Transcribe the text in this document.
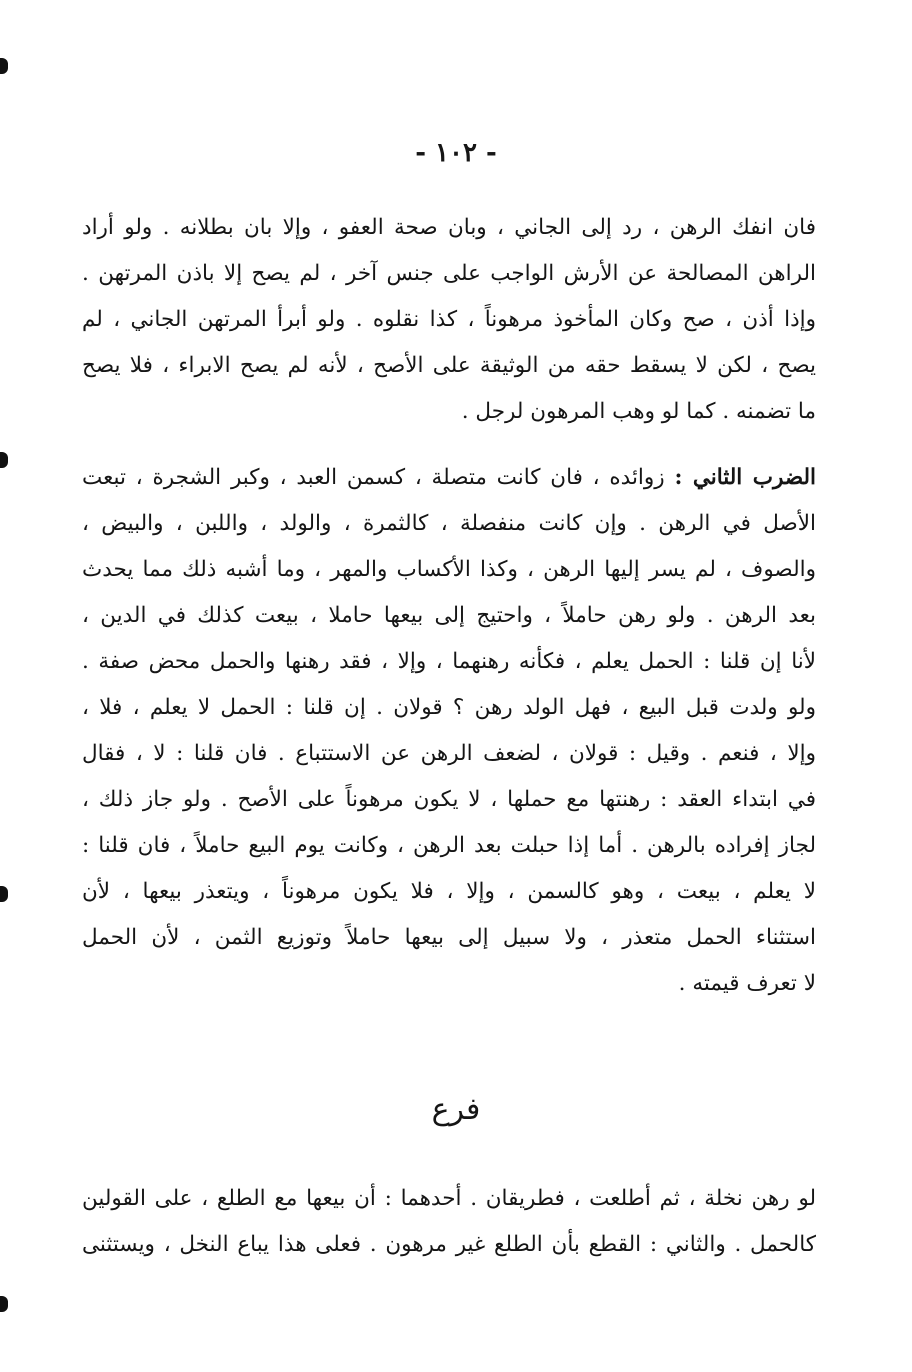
- ١٠٢ -
فان انفك الرهن ، رد إلى الجاني ، وبان صحة العفو ، وإلا بان بطلانه . ولو أراد
الراهن المصالحة عن الأرش الواجب على جنس آخر ، لم يصح إلا باذن المرتهن .
وإذا أذن ، صح وكان المأخوذ مرهوناً ، كذا نقلوه . ولو أبرأ المرتهن الجاني ، لم
يصح ، لكن لا يسقط حقه من الوثيقة على الأصح ، لأنه لم يصح الابراء ، فلا يصح
ما تضمنه . كما لو وهب المرهون لرجل .
الضرب الثاني : زوائده ، فان كانت متصلة ، كسمن العبد ، وكبر الشجرة ، تبعت
الأصل في الرهن . وإن كانت منفصلة ، كالثمرة ، والولد ، واللبن ، والبيض ،
والصوف ، لم يسر إليها الرهن ، وكذا الأكساب والمهر ، وما أشبه ذلك مما يحدث
بعد الرهن . ولو رهن حاملاً ، واحتيج إلى بيعها حاملا ، بيعت كذلك في الدين ،
لأنا إن قلنا : الحمل يعلم ، فكأنه رهنهما ، وإلا ، فقد رهنها والحمل محض صفة .
ولو ولدت قبل البيع ، فهل الولد رهن ؟ قولان . إن قلنا : الحمل لا يعلم ، فلا ،
وإلا ، فنعم . وقيل : قولان ، لضعف الرهن عن الاستتباع . فان قلنا : لا ، فقال
في ابتداء العقد : رهنتها مع حملها ، لا يكون مرهوناً على الأصح . ولو جاز ذلك ،
لجاز إفراده بالرهن . أما إذا حبلت بعد الرهن ، وكانت يوم البيع حاملاً ، فان قلنا :
لا يعلم ، بيعت ، وهو كالسمن ، وإلا ، فلا يكون مرهوناً ، ويتعذر بيعها ، لأن
استثناء الحمل متعذر ، ولا سبيل إلى بيعها حاملاً وتوزيع الثمن ، لأن الحمل
لا تعرف قيمته .
فرع
لو رهن نخلة ، ثم أطلعت ، فطريقان . أحدهما : أن بيعها مع الطلع ، على القولين
كالحمل . والثاني : القطع بأن الطلع غير مرهون . فعلى هذا يباع النخل ، ويستثنى
